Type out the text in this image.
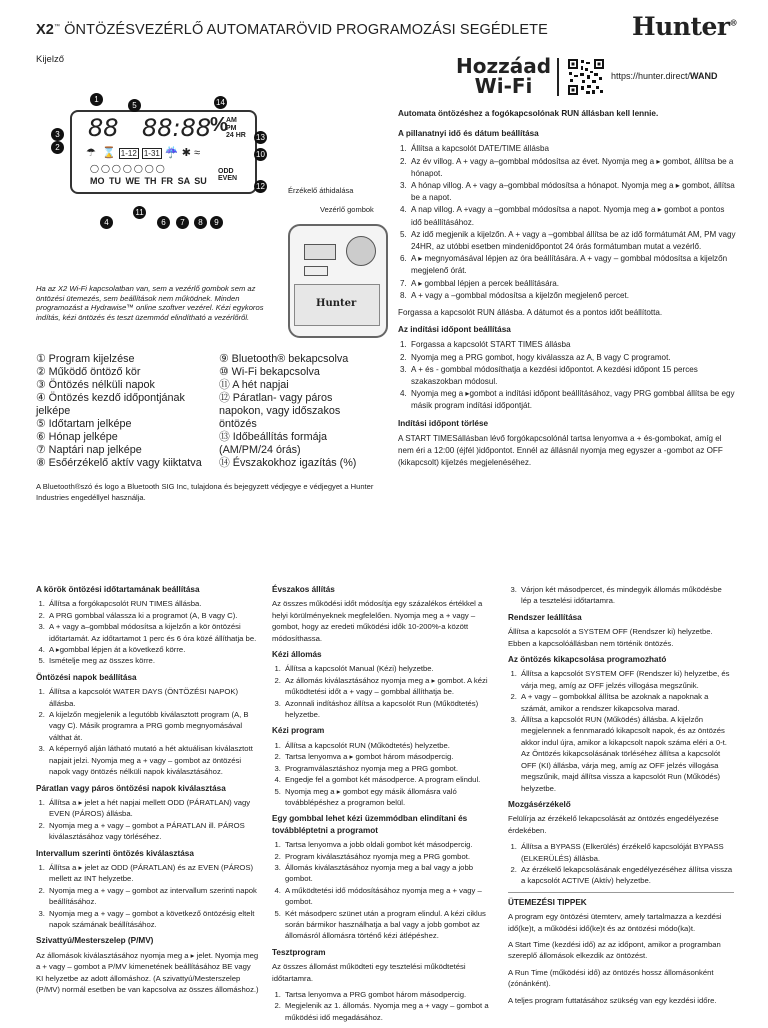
X2™ ÖNTÖZÉSVEZÉRLŐ AUTOMATARÖVID PROGRAMOZÁSI SEGÉDLETE	Hunter®
Kijelző	Hozzáad
Wi-Fi	https://hunter.direct/WAND
88 88:88
%
AM
PM
24 HR
☂ ⌛ 1-12 1-31 ☔ ✱ ≈
◯◯◯◯◯◯◯
MO TU WE TH FR SA SU
ODD
EVEN
1
2
3
4
5
6	7	8	9
10
11
12
13
14
Érzékelő áthidalása
Vezérlő gombok
Hunter
Ha az X2 Wi-Fi kapcsolatban van, sem a vezérlő gombok sem az öntözési ütemezés, sem beállítások nem működnek. Minden programozást a Hydrawise™ online szoftver vezérel. Kézi egykoros indítás, kézi öntözés és teszt üzemmód elindítható a vezérlőről.
① Program kijelzése
② Működő öntöző kör
③ Öntözés nélküli napok
④ Öntözés kezdő időpontjának jelképe
⑤ Időtartam jelképe
⑥ Hónap jelképe
⑦ Naptári nap jelképe
⑧ Esőérzékelő aktív vagy kiiktatva
⑨ Bluetooth® bekapcsolva
⑩ Wi-Fi bekapcsolva
⑪ A hét napjai
⑫ Páratlan- vagy páros napokon, vagy időszakos öntözés
⑬ Időbeállítás formája (AM/PM/24 órás)
⑭ Évszakokhoz igazítás (%)
A Bluetooth®szó és logo a Bluetooth SIG Inc, tulajdona és bejegyzett védjegye e védjegyet a Hunter Industries engedéllyel használja.

Automata öntözéshez a fogókapcsolónak RUN állásban kell lennie.

A pillanatnyi idő és dátum beállítása
1. Állítsa a kapcsolót DATE/TIME állásba
2. Az év villog. A + vagy a–gombbal módosítsa az évet. Nyomja meg a ▸ gombot, állítsa be a hónapot.
3. A hónap villog. A + vagy a–gombbal módosítsa a hónapot. Nyomja meg a ▸ gombot, állítsa be a napot.
4. A nap villog. A +vagy a –gombbal módosítsa a napot. Nyomja meg a ▸ gombot a pontos idő beállításához.
5. Az idő megjenik a kijelzőn. A + vagy a –gombbal állítsa be az idő formátumát AM, PM vagy 24HR, az utóbbi esetben mindenidőpontot 24 órás formátumban mutat a vezérlő.
6. A ▸ megnyomásával lépjen az óra beállítására. A + vagy – gombbal módosítsa a kijelzőn megjelenő órát.
7. A ▸ gombbal lépjen a percek beállítására.
8. A + vagy a –gombbal módosítsa a kijelzőn megjelenő percet.

Forgassa a kapcsolót RUN állásba. A dátumot és a pontos időt beállította.

Az indítási időpont beállítása
1. Forgassa a kapcsolót START TIMES állásba
2. Nyomja meg a PRG gombot, hogy kiválassza az A, B vagy C programot.
3. A + és - gombbal módosíthatja a kezdési időpontot. A kezdési időpont 15 perces szakaszokban módosul.
4. Nyomja meg a ▸gombot a indítási időpont beállításához, vagy PRG gombbal állítsa be egy másik program indítási időpontját.
Indítási időpont törlése

A START TIMESállásban lévő forgókapcsolónál tartsa lenyomva a + és-gombokat, amíg el nem éri a 12:00 (éjfél )időpontot. Ennél az állásnál nyomja meg egyszer a -gombot az OFF (kikapcsolt) kijelzés megjelenéséhez.

A körök öntözési időtartamának beállítása
1. Állítsa a forgókapcsolót RUN TIMES állásba.
2. A PRG gombbal válassza ki a programot (A, B vagy C).
3. A + vagy a–gombbal módosítsa a kijelzőn a kör öntözési időtartamát. Az időtartamot 1 perc és 6 óra közé állíthatja be.
4. A ▸gombbal lépjen át a következő körre.
5. Ismételje meg az összes körre.
Öntözési napok beállítása
1. Állítsa a kapcsolót WATER DAYS (ÖNTÖZÉSI NAPOK) állásba.
2. A kijelzőn megjelenik a legutóbb kiválasztott program (A, B vagy C). Másik programra a PRG gomb megnyomásával válthat át.
3. A képernyő alján látható mutató a hét aktuálisan kiválasztott napjait jelzi. Nyomja meg a + vagy – gombot az öntözési napok vagy öntözés nélküli napok kiválasztásához.
Páratlan vagy páros öntözési napok kiválasztása
1. Állítsa a ▸ jelet a hét napjai mellett ODD (PÁRATLAN) vagy EVEN (PÁROS) állásba.
2. Nyomja meg a + vagy – gombot a PÁRATLAN ill. PÁROS kiválasztásához vagy törléséhez.
Intervallum szerinti öntözés kiválasztása
1. Állítsa a ▸ jelet az ODD (PÁRATLAN) és az EVEN (PÁROS) mellett az INT helyzetbe.
2. Nyomja meg a + vagy – gombot az intervallum szerinti napok beállításához.
3. Nyomja meg a + vagy – gombot a következő öntözésig eltelt napok számának beállításához.
Szivattyú/Mesterszelep (P/MV)

Az állomások kiválasztásához nyomja meg a ▸ jelet. Nyomja meg a + vagy – gombot a P/MV kimenetének beállításához BE vagy KI helyzetbe az adott állomáshoz. (A szivattyú/Mesterszelep (P/MV) normál esetben be van kapcsolva az összes állomáshoz.)

Évszakos állítás

Az összes működési időt módosítja egy százalékos értékkel a helyi körülményeknek megfelelően. Nyomja meg a + vagy – gombot, hogy az eredeti működési idők 10-200%-a között módosíthassa.

Kézi állomás
1. Állítsa a kapcsolót Manual (Kézi) helyzetbe.
2. Az állomás kiválasztásához nyomja meg a ▸ gombot. A kézi működtetési időt a + vagy – gombbal állíthatja be.
3. Azonnali indításhoz állítsa a kapcsolót Run (Működtetés) helyzetbe.
Kézi program
1. Állítsa a kapcsolót RUN (Működtetés) helyzetbe.
2. Tartsa lenyomva a ▸ gombot három másodpercig.
3. Programválasztáshoz nyomja meg a PRG gombot.
4. Engedje fel a gombot két másodperce. A program elindul.
5. Nyomja meg a ▸ gombot egy másik állomásra való továbblépéshez a programon belül.
Egy gombbal lehet kézi üzemmódban elindítani és továbbléptetni a programot
1. Tartsa lenyomva a jobb oldali gombot két másodpercig.
2. Program kiválasztásához nyomja meg a PRG gombot.
3. Állomás kiválasztásához nyomja meg a bal vagy a jobb gombot.
4. A működtetési idő módosításához nyomja meg a + vagy – gombot.
5. Két másodperc szünet után a program elindul. A kézi ciklus során bármikor használhatja a bal vagy a jobb gombot az állomásról állomásra történő kézi átlépéshez.
Tesztprogram

Az összes állomást működteti egy tesztelési működtetési időtartamra.

1. Tartsa lenyomva a PRG gombot három másodpercig.
2. Megjelenik az 1. állomás. Nyomja meg a + vagy – gombot a működési idő megadásához.
3. Várjon két másodpercet, és mindegyik állomás működésbe lép a tesztelési időtartamra.
Rendszer leállítása

Állítsa a kapcsolót a SYSTEM OFF (Rendszer ki) helyzetbe. Ebben a kapcsolóállásban nem történik öntözés.

Az öntözés kikapcsolása programozható
1. Állítsa a kapcsolót SYSTEM OFF (Rendszer ki) helyzetbe, és várja meg, amíg az OFF jelzés villogása megszűnik.
2. A + vagy – gombokkal állítsa be azoknak a napoknak a számát, amikor a rendszer kikapcsolva marad.
3. Állítsa a kapcsolót RUN (Működés) állásba. A kijelzőn megjelennek a fennmaradó kikapcsolt napok, és az öntözés akkor indul újra, amikor a kikapcsolt napok száma eléri a 0-t. Az Öntözés kikapcsolásának törléséhez állítsa a kapcsolót OFF (KI) állásba, várja meg, amíg az OFF jelzés villogása megszűnik, majd állítsa vissza a kapcsolót Run (Működés) helyzetbe.
Mozgásérzékelő

Felülírja az érzékelő lekapcsolását az öntözés engedélyezése érdekében.

1. Állítsa a BYPASS (Elkerülés) érzékelő kapcsolóját BYPASS (ELKERÜLÉS) állásba.
2. Az érzékelő lekapcsolásának engedélyezéséhez állítsa vissza a kapcsolót ACTIVE (Aktív) helyzetbe.
ÜTEMEZÉSI TIPPEK

A program egy öntözési ütemterv, amely tartalmazza a kezdési idő(ke)t, a működési idő(ke)t és az öntözési módo(ka)t.

A Start Time (kezdési idő) az az időpont, amikor a programban szereplő állomások elkezdik az öntözést.

A Run Time (működési idő) az öntözés hossz állomásonként (zónánként).

A teljes program futtatásához szükség van egy kezdési időre.
